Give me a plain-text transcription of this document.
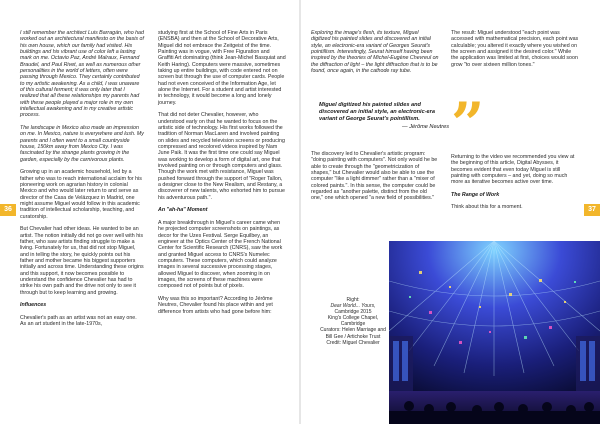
36	37

I still remember the architect Luis Barragán, who had worked out an architectural manifesto on the basis of his own house, which our family had visited. His buildings and his vibrant use of color left a lasting mark on me. Octavio Paz, André Malraux, Fernand Braudel, and Paul Rivet, as well as numerous other personalities in the world of letters, often were passing through Mexico. They certainly contributed to my artistic awakening. As a child, I was unaware of this cultural ferment; it was only later that I realized that all these relationships my parents had with these people played a major role in my own intellectual awakening and in my creative artistic process.

The landscape in Mexico also made an impression on me. In Mexico, nature is everywhere and lush. My parents and I often went to a small countryside house, 150km away from Mexico City. I was fascinated by the strange plants growing in the garden, especially by the carnivorous plants.

Growing up in an academic household, led by a father who was to reach international acclaim for his pioneering work on agrarian history in colonial Mexico and who would later return to and serve as director of the Casa de Velázquez in Madrid, one might assume Miguel would follow in this academic tradition of intellectual scholarship, teaching, and curatorship.

But Chevalier had other ideas. He wanted to be an artist. The notion initially did not go over well with his father, who saw artists finding struggle to make a living. Fortunately for us, that did not stop Miguel, and in telling the story, he quickly points out his father and mother became his biggest supporters initially and across time. Understanding these origins and this support, it now becomes possible to understand the confidence Chevalier has had to strike his own path and the drive not only to see it through but to keep learning and growing.

Influences

Chevalier's path as an artist was not an easy one. As an art student in the late-1970s,

studying first at the School of Fine Arts in Paris (ENSBA) and then at the School of Decorative Arts, Miguel did not embrace the Zeitgeist of the time. Painting was in vogue, with Free Figuration and Graffiti Art dominating (think Jean-Michel Basquiat and Keith Haring). Computers were massive, sometimes taking up entire buildings, with code entered not on screen but through the use of computer cards. People had not even conceived of the Information Age, let alone the Internet. For a student and artist interested in technology, it would become a long and lonely journey.

That did not deter Chevalier, however, who understood early on that he wanted to focus on the artistic side of technology. His first works followed the tradition of Norman MacLaren and involved painting on slides and recycled television screens or producing compressed and recolored videos inspired by Nam June Paik. It was the first time one could say Miguel was working to develop a form of digital art, one that involved painting on or through computers and glass. Though the work met with resistance, Miguel was pushed forward through the support of "Roger Tallon, a designer close to the New Realism, and Restany, a discoverer of new talents, who exhorted him to pursue his adventurous path.".

An "ah-ha" Moment

A major breakthrough in Miguel's career came when he projected computer screenshots on paintings, as decor for the Uzes Festival. Serge Equilbey, an engineer at the Optics Center of the French National Center for Scientific Research (CNRS), saw the work and granted Miguel access to CNRS's Numelec computers. These computers, which could analyze images in several successive processing stages, allowed Miguel to discover, when zooming in on images, the screens of these machines were composed not of points but of pixels.

Why was this so important? According to Jérôme Neutres, Chevalier found his place within and yet difference from artists who had gone before him:

Exploring the image's flesh, its texture, Miguel digitized his painted slides and discovered an initial style, an electronic-era variant of Georges Seurat's pointillism. Interestingly, Seurat himself having been inspired by the theories of Michel-Eugène Chevreul on the diffraction of light – the light diffraction that is to be found, once again, in the cathode ray tube.

The discovery led to Chevalier's artistic program: "doing painting with computers". Not only would he be able to create through the "geometricization of shapes," but Chevalier would also be able to use the computer "like a light dimmer" rather than a "mixer of colored paints.". In this sense, the computer could be regarded as "another palette, distinct from the old one," one which opened "a new field of possibilities."

”
Miguel digitized his painted slides and discovered an initial style, an electronic-era variant of George Seurat's pointillism.
— Jérôme Neutres

The result: Miguel understood "each point was accessed with mathematical precision, each point was calculable; you altered it exactly where you wished on the screen and assigned it the desired color." While the application was limited at first, choices would soon grow "to over sixteen million tones."

Returning to the video we recommended you view at the beginning of this article, Digital Abysses, it becomes evident that even today Miguel is still painting with computers – and yet, doing so much more as iterative becomes active over time.

The Range of Work

Think about this for a moment.

Right:
Dear World... Yours,
Cambridge 2015
King's College Chapel,
Cambridge
Curators: Helen Marriage and
Bill Gee / Artichoke Trust
Credit: Miguel Chevalier
